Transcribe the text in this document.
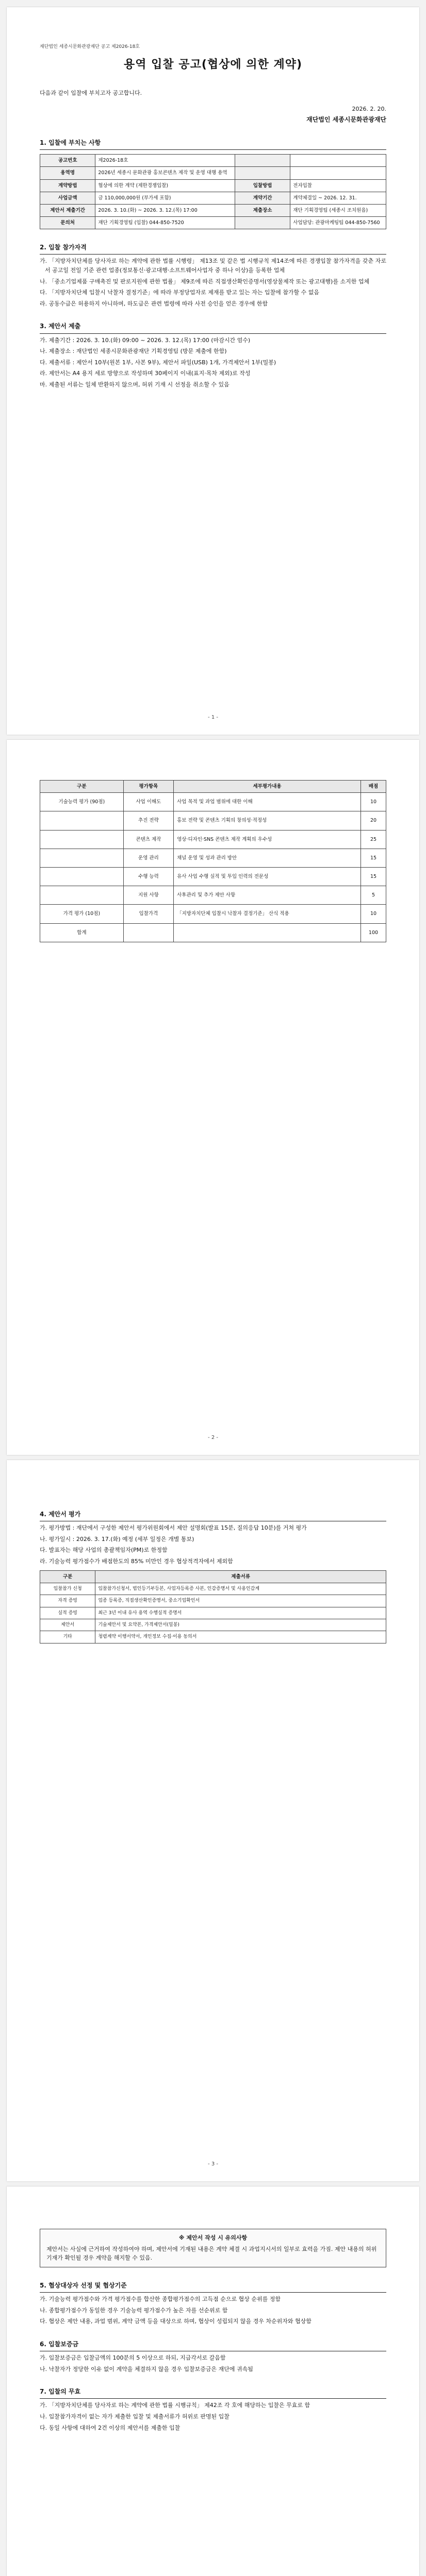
재단법인 세종시문화관광재단 공고 제2026-18호
용역 입찰 공고(협상에 의한 계약)
다음과 같이 입찰에 부치고자 공고합니다.
2026. 2. 20.
재단법인 세종시문화관광재단
1. 입찰에 부치는 사항
공고번호	제2026-18호		
용역명	2026년 세종시 문화관광 홍보콘텐츠 제작 및 운영 대행 용역		
계약방법	협상에 의한 계약 (제한경쟁입찰)	입찰방법	전자입찰
사업금액	금 110,000,000원 (부가세 포함)	계약기간	계약체결일 ~ 2026. 12. 31.
제안서 제출기간	2026. 3. 10.(화) ~ 2026. 3. 12.(목) 17:00	제출장소	재단 기획경영팀 (세종시 조치원읍)
문의처	재단 기획경영팀 (입찰) 044-850-7520		사업담당: 관광마케팅팀 044-850-7560
2. 입찰 참가자격
가. 「지방자치단체를 당사자로 하는 계약에 관한 법률 시행령」 제13조 및 같은 법 시행규칙 제14조에 따른 경쟁입찰 참가자격을 갖춘 자로서 공고일 전일 기준 관련 업종(정보통신·광고대행·소프트웨어사업자 중 하나 이상)을 등록한 업체
나. 「중소기업제품 구매촉진 및 판로지원에 관한 법률」 제9조에 따른 직접생산확인증명서(영상물제작 또는 광고대행)를 소지한 업체
다. 「지방자치단체 입찰시 낙찰자 결정기준」에 따라 부정당업자로 제재를 받고 있는 자는 입찰에 참가할 수 없음
라. 공동수급은 허용하지 아니하며, 하도급은 관련 법령에 따라 사전 승인을 얻은 경우에 한함
3. 제안서 제출
가. 제출기간 : 2026. 3. 10.(화) 09:00 ~ 2026. 3. 12.(목) 17:00 (마감시간 엄수)
나. 제출장소 : 재단법인 세종시문화관광재단 기획경영팀 (방문 제출에 한함)
다. 제출서류 : 제안서 10부(원본 1부, 사본 9부), 제안서 파일(USB) 1개, 가격제안서 1부(밀봉)
라. 제안서는 A4 용지 세로 방향으로 작성하며 30페이지 이내(표지·목차 제외)로 작성
마. 제출된 서류는 일체 반환하지 않으며, 허위 기재 시 선정을 취소할 수 있음
- 1 -
구분	평가항목	세부평가내용	배점
기술능력 평가 (90점)	사업 이해도	사업 목적 및 과업 범위에 대한 이해	10
	추진 전략	홍보 전략 및 콘텐츠 기획의 창의성·적정성	20
	콘텐츠 제작	영상·디자인·SNS 콘텐츠 제작 계획의 우수성	25
	운영 관리	채널 운영 및 성과 관리 방안	15
	수행 능력	유사 사업 수행 실적 및 투입 인력의 전문성	15
	지원 사항	사후관리 및 추가 제안 사항	5
가격 평가 (10점)	입찰가격	「지방자치단체 입찰시 낙찰자 결정기준」 산식 적용	10
합계			100
- 2 -
4. 제안서 평가
가. 평가방법 : 재단에서 구성한 제안서 평가위원회에서 제안 설명회(발표 15분, 질의응답 10분)를 거쳐 평가
나. 평가일시 : 2026. 3. 17.(화) 예정 (세부 일정은 개별 통보)
다. 발표자는 해당 사업의 총괄책임자(PM)로 한정함
라. 기술능력 평가점수가 배점한도의 85% 미만인 경우 협상적격자에서 제외함
구분	제출서류
입찰참가 신청	입찰참가신청서, 법인등기부등본, 사업자등록증 사본, 인감증명서 및 사용인감계
자격 증빙	업종 등록증, 직접생산확인증명서, 중소기업확인서
실적 증빙	최근 3년 이내 유사 용역 수행실적 증명서
제안서	기술제안서 및 요약본, 가격제안서(밀봉)
기타	청렴계약 이행서약서, 개인정보 수집·이용 동의서
- 3 -
※ 제안서 작성 시 유의사항
제안서는 사실에 근거하여 작성하여야 하며, 제안서에 기재된 내용은 계약 체결 시 과업지시서의 일부로 효력을 가짐. 제안 내용의 허위 기재가 확인될 경우 계약을 해지할 수 있음.
5. 협상대상자 선정 및 협상기준
가. 기술능력 평가점수와 가격 평가점수를 합산한 종합평가점수의 고득점 순으로 협상 순위를 정함
나. 종합평가점수가 동일한 경우 기술능력 평가점수가 높은 자를 선순위로 함
다. 협상은 제안 내용, 과업 범위, 계약 금액 등을 대상으로 하며, 협상이 성립되지 않을 경우 차순위자와 협상함
6. 입찰보증금
가. 입찰보증금은 입찰금액의 100분의 5 이상으로 하되, 지급각서로 갈음함
나. 낙찰자가 정당한 이유 없이 계약을 체결하지 않을 경우 입찰보증금은 재단에 귀속됨
7. 입찰의 무효
가. 「지방자치단체를 당사자로 하는 계약에 관한 법률 시행규칙」 제42조 각 호에 해당하는 입찰은 무효로 함
나. 입찰참가자격이 없는 자가 제출한 입찰 및 제출서류가 허위로 판명된 입찰
다. 동일 사항에 대하여 2건 이상의 제안서를 제출한 입찰
